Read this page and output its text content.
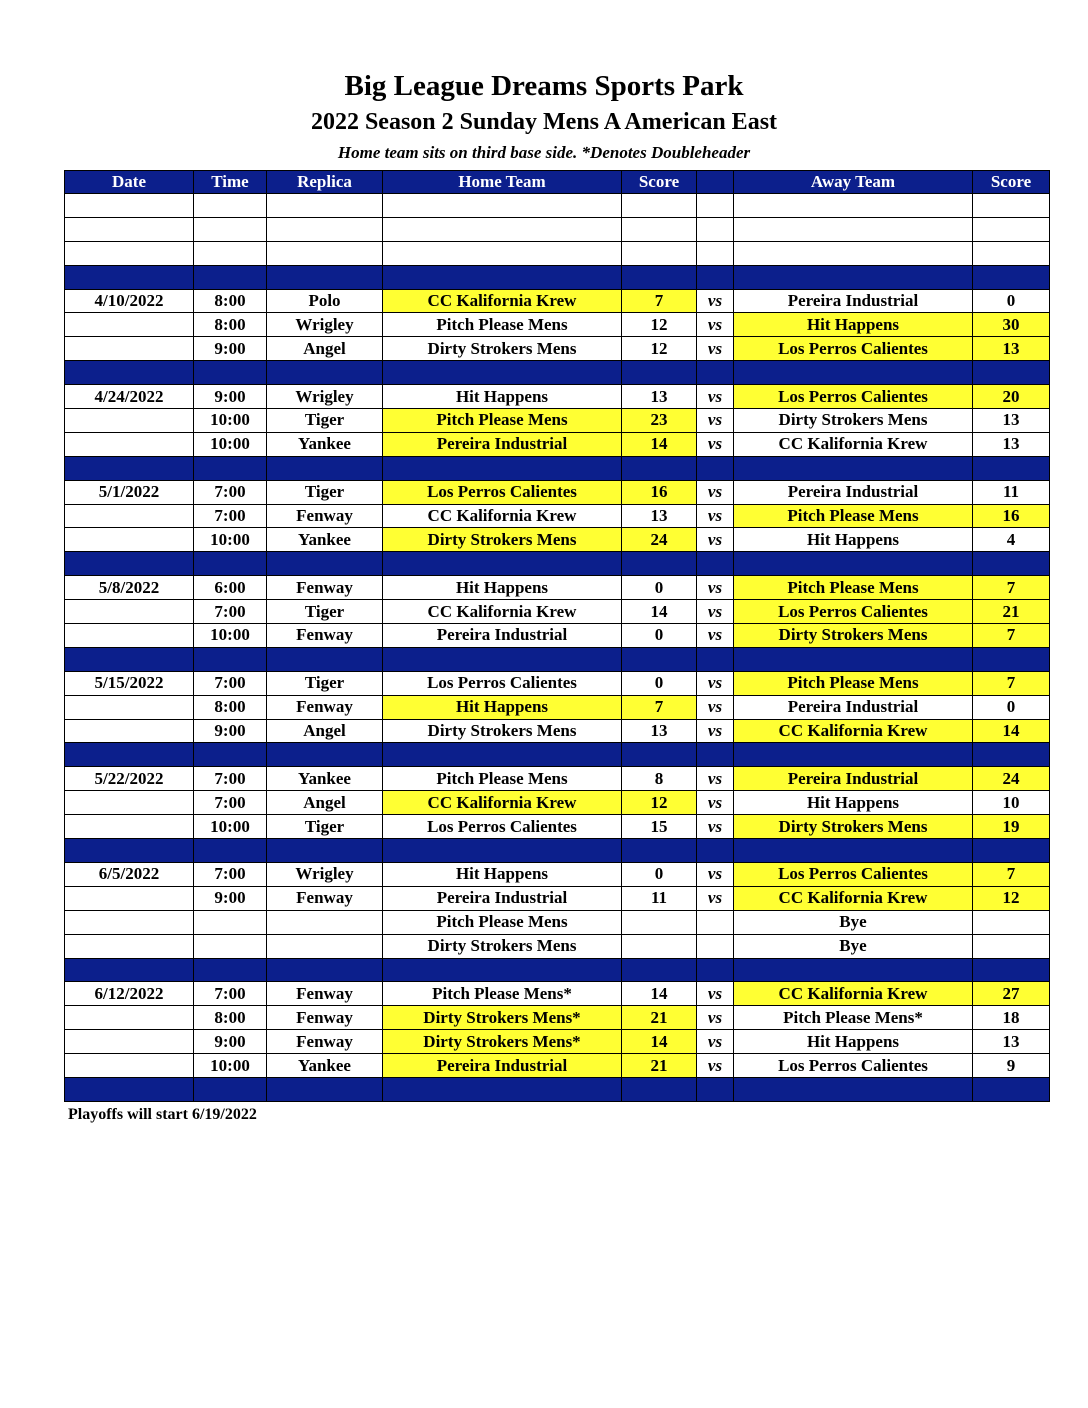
Big League Dreams Sports Park
2022 Season 2 Sunday Mens A American East

Home team sits on third base side. *Denotes Doubleheader

Date	Time	Replica	Home Team	Score		Away Team	Score

4/10/2022	8:00	Polo	CC Kalifornia Krew	7	vs	Pereira Industrial	0
	8:00	Wrigley	Pitch Please Mens	12	vs	Hit Happens	30
	9:00	Angel	Dirty Strokers Mens	12	vs	Los Perros Calientes	13

4/24/2022	9:00	Wrigley	Hit Happens	13	vs	Los Perros Calientes	20
	10:00	Tiger	Pitch Please Mens	23	vs	Dirty Strokers Mens	13
	10:00	Yankee	Pereira Industrial	14	vs	CC Kalifornia Krew	13

5/1/2022	7:00	Tiger	Los Perros Calientes	16	vs	Pereira Industrial	11
	7:00	Fenway	CC Kalifornia Krew	13	vs	Pitch Please Mens	16
	10:00	Yankee	Dirty Strokers Mens	24	vs	Hit Happens	4

5/8/2022	6:00	Fenway	Hit Happens	0	vs	Pitch Please Mens	7
	7:00	Tiger	CC Kalifornia Krew	14	vs	Los Perros Calientes	21
	10:00	Fenway	Pereira Industrial	0	vs	Dirty Strokers Mens	7

5/15/2022	7:00	Tiger	Los Perros Calientes	0	vs	Pitch Please Mens	7
	8:00	Fenway	Hit Happens	7	vs	Pereira Industrial	0
	9:00	Angel	Dirty Strokers Mens	13	vs	CC Kalifornia Krew	14

5/22/2022	7:00	Yankee	Pitch Please Mens	8	vs	Pereira Industrial	24
	7:00	Angel	CC Kalifornia Krew	12	vs	Hit Happens	10
	10:00	Tiger	Los Perros Calientes	15	vs	Dirty Strokers Mens	19

6/5/2022	7:00	Wrigley	Hit Happens	0	vs	Los Perros Calientes	7
	9:00	Fenway	Pereira Industrial	11	vs	CC Kalifornia Krew	12
			Pitch Please Mens			Bye	
			Dirty Strokers Mens			Bye	

6/12/2022	7:00	Fenway	Pitch Please Mens*	14	vs	CC Kalifornia Krew	27
	8:00	Fenway	Dirty Strokers Mens*	21	vs	Pitch Please Mens*	18
	9:00	Fenway	Dirty Strokers Mens*	14	vs	Hit Happens	13
	10:00	Yankee	Pereira Industrial	21	vs	Los Perros Calientes	9

Playoffs will start 6/19/2022
